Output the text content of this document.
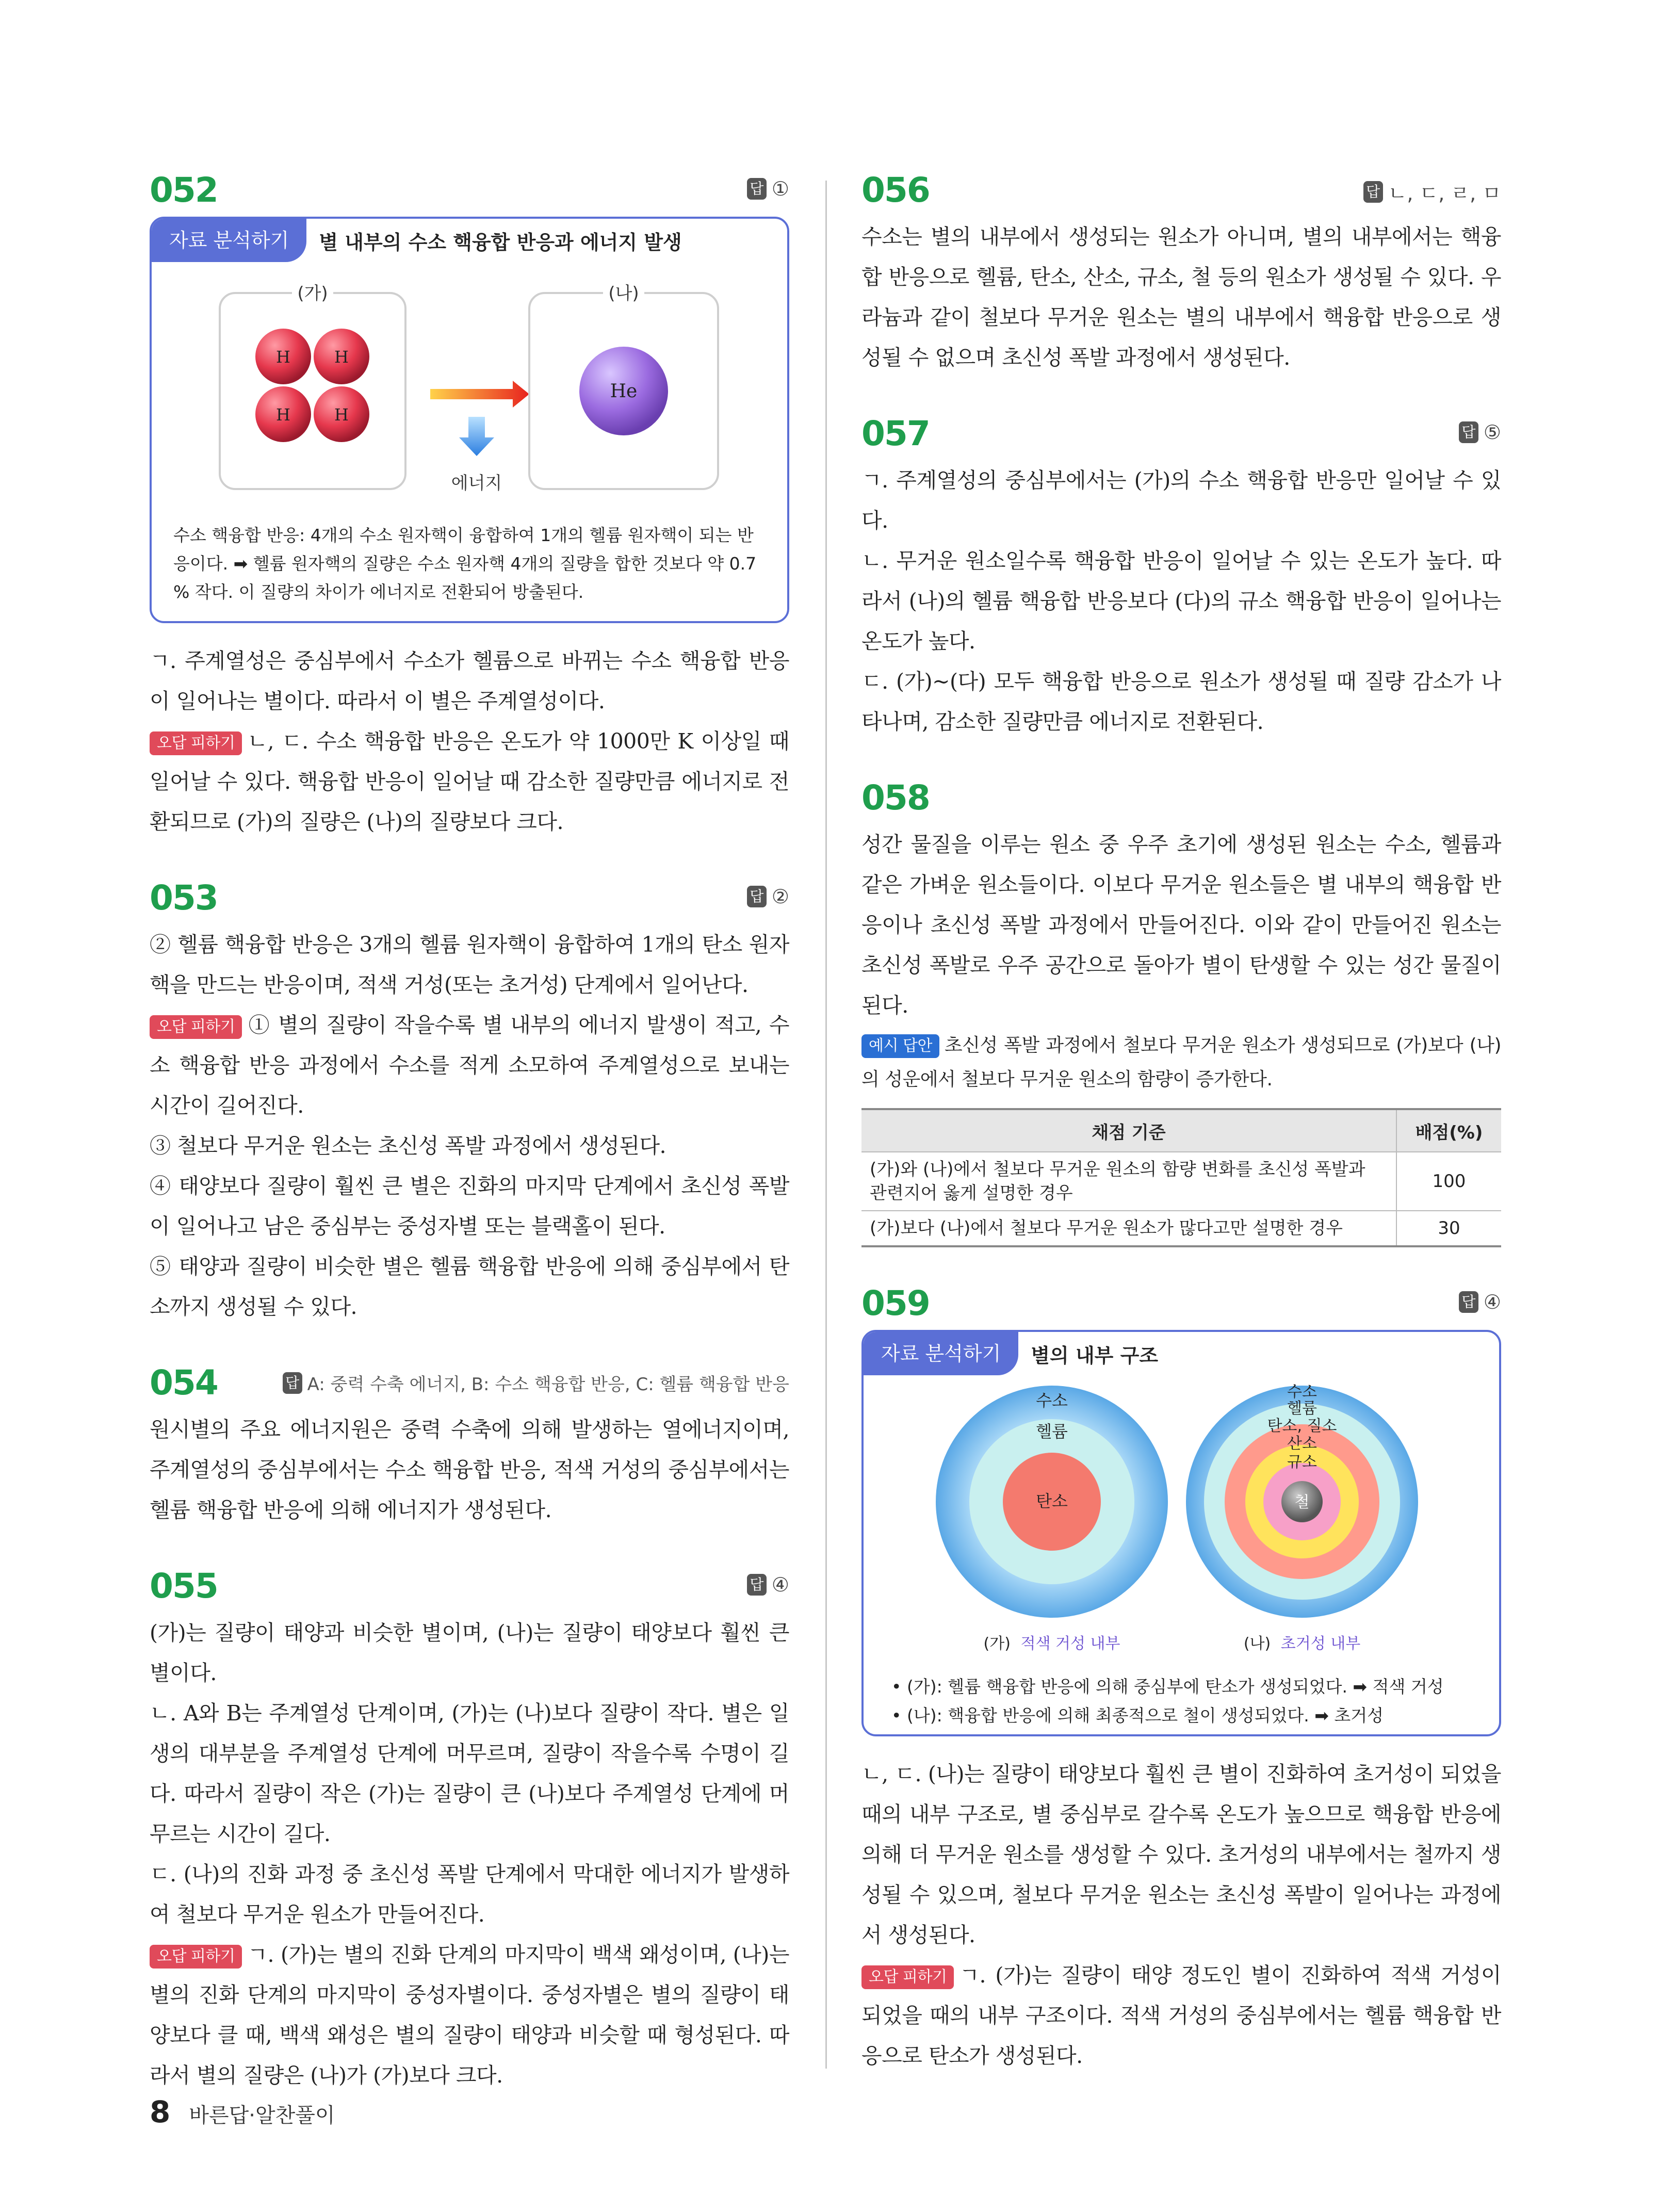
052	답 ①
자료 분석하기	별 내부의 수소 핵융합 반응과 에너지 발생
(가)
H	H
H	H
에너지
(나)
He
수소 핵융합 반응: 4개의 수소 원자핵이 융합하여 1개의 헬륨 원자핵이 되는 반응이다. ➡ 헬륨 원자핵의 질량은 수소 원자핵 4개의 질량을 합한 것보다 약 0.7 % 작다. 이 질량의 차이가 에너지로 전환되어 방출된다.

ㄱ. 주계열성은 중심부에서 수소가 헬륨으로 바뀌는 수소 핵융합 반응이 일어나는 별이다. 따라서 이 별은 주계열성이다.

오답 피하기 ㄴ, ㄷ. 수소 핵융합 반응은 온도가 약 1000만 K 이상일 때 일어날 수 있다. 핵융합 반응이 일어날 때 감소한 질량만큼 에너지로 전환되므로 (가)의 질량은 (나)의 질량보다 크다.

053	답 ②

② 헬륨 핵융합 반응은 3개의 헬륨 원자핵이 융합하여 1개의 탄소 원자핵을 만드는 반응이며, 적색 거성(또는 초거성) 단계에서 일어난다.

오답 피하기 ① 별의 질량이 작을수록 별 내부의 에너지 발생이 적고, 수소 핵융합 반응 과정에서 수소를 적게 소모하여 주계열성으로 보내는 시간이 길어진다.

③ 철보다 무거운 원소는 초신성 폭발 과정에서 생성된다.

④ 태양보다 질량이 훨씬 큰 별은 진화의 마지막 단계에서 초신성 폭발이 일어나고 남은 중심부는 중성자별 또는 블랙홀이 된다.

⑤ 태양과 질량이 비슷한 별은 헬륨 핵융합 반응에 의해 중심부에서 탄소까지 생성될 수 있다.

054	답 A: 중력 수축 에너지, B: 수소 핵융합 반응, C: 헬륨 핵융합 반응

원시별의 주요 에너지원은 중력 수축에 의해 발생하는 열에너지이며, 주계열성의 중심부에서는 수소 핵융합 반응, 적색 거성의 중심부에서는 헬륨 핵융합 반응에 의해 에너지가 생성된다.

055	답 ④

(가)는 질량이 태양과 비슷한 별이며, (나)는 질량이 태양보다 훨씬 큰 별이다.

ㄴ. A와 B는 주계열성 단계이며, (가)는 (나)보다 질량이 작다. 별은 일생의 대부분을 주계열성 단계에 머무르며, 질량이 작을수록 수명이 길다. 따라서 질량이 작은 (가)는 질량이 큰 (나)보다 주계열성 단계에 머무르는 시간이 길다.

ㄷ. (나)의 진화 과정 중 초신성 폭발 단계에서 막대한 에너지가 발생하여 철보다 무거운 원소가 만들어진다.

오답 피하기 ㄱ. (가)는 별의 진화 단계의 마지막이 백색 왜성이며, (나)는 별의 진화 단계의 마지막이 중성자별이다. 중성자별은 별의 질량이 태양보다 클 때, 백색 왜성은 별의 질량이 태양과 비슷할 때 형성된다. 따라서 별의 질량은 (나)가 (가)보다 크다.

056	답 ㄴ, ㄷ, ㄹ, ㅁ

수소는 별의 내부에서 생성되는 원소가 아니며, 별의 내부에서는 핵융합 반응으로 헬륨, 탄소, 산소, 규소, 철 등의 원소가 생성될 수 있다. 우라늄과 같이 철보다 무거운 원소는 별의 내부에서 핵융합 반응으로 생성될 수 없으며 초신성 폭발 과정에서 생성된다.

057	답 ⑤

ㄱ. 주계열성의 중심부에서는 (가)의 수소 핵융합 반응만 일어날 수 있다.

ㄴ. 무거운 원소일수록 핵융합 반응이 일어날 수 있는 온도가 높다. 따라서 (나)의 헬륨 핵융합 반응보다 (다)의 규소 핵융합 반응이 일어나는 온도가 높다.

ㄷ. (가)~(다) 모두 핵융합 반응으로 원소가 생성될 때 질량 감소가 나타나며, 감소한 질량만큼 에너지로 전환된다.

058

성간 물질을 이루는 원소 중 우주 초기에 생성된 원소는 수소, 헬륨과 같은 가벼운 원소들이다. 이보다 무거운 원소들은 별 내부의 핵융합 반응이나 초신성 폭발 과정에서 만들어진다. 이와 같이 만들어진 원소는 초신성 폭발로 우주 공간으로 돌아가 별이 탄생할 수 있는 성간 물질이 된다.

예시 답안 초신성 폭발 과정에서 철보다 무거운 원소가 생성되므로 (가)보다 (나)의 성운에서 철보다 무거운 원소의 함량이 증가한다.

채점 기준	배점(%)
(가)와 (나)에서 철보다 무거운 원소의 함량 변화를 초신성 폭발과 관련지어 옳게 설명한 경우	100
(가)보다 (나)에서 철보다 무거운 원소가 많다고만 설명한 경우	30
059	답 ④
자료 분석하기	별의 내부 구조
수소
헬륨
탄소
수소
헬륨
탄소, 질소
산소
규소
철
(가) 적색 거성 내부	(나) 초거성 내부
• (가): 헬륨 핵융합 반응에 의해 중심부에 탄소가 생성되었다. ➡ 적색 거성
• (나): 핵융합 반응에 의해 최종적으로 철이 생성되었다. ➡ 초거성

ㄴ, ㄷ. (나)는 질량이 태양보다 훨씬 큰 별이 진화하여 초거성이 되었을 때의 내부 구조로, 별 중심부로 갈수록 온도가 높으므로 핵융합 반응에 의해 더 무거운 원소를 생성할 수 있다. 초거성의 내부에서는 철까지 생성될 수 있으며, 철보다 무거운 원소는 초신성 폭발이 일어나는 과정에서 생성된다.

오답 피하기 ㄱ. (가)는 질량이 태양 정도인 별이 진화하여 적색 거성이 되었을 때의 내부 구조이다. 적색 거성의 중심부에서는 헬륨 핵융합 반응으로 탄소가 생성된다.

8 바른답·알찬풀이
